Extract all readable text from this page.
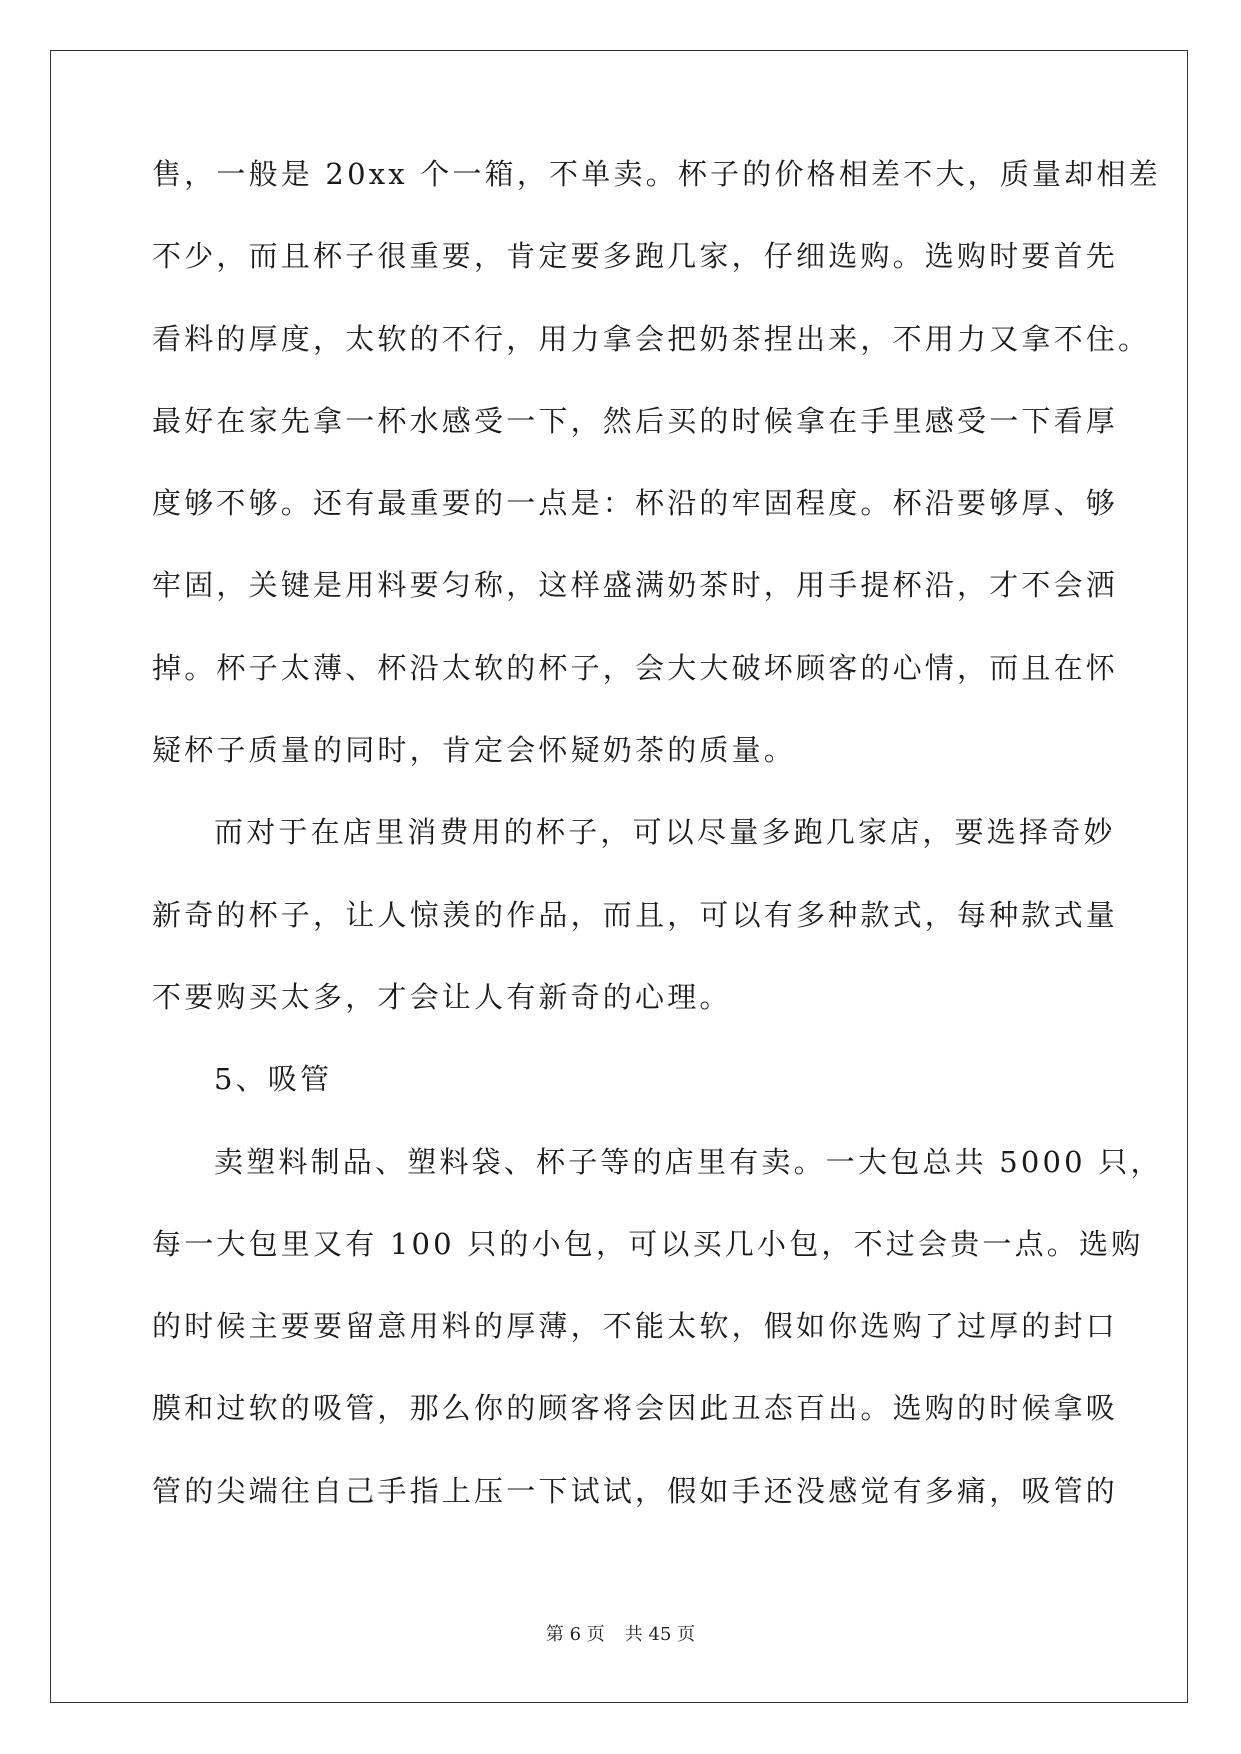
售，一般是 20xx 个一箱，不单卖。杯子的价格相差不大，质量却相差
不少，而且杯子很重要，肯定要多跑几家，仔细选购。选购时要首先
看料的厚度，太软的不行，用力拿会把奶茶捏出来，不用力又拿不住。
最好在家先拿一杯水感受一下，然后买的时候拿在手里感受一下看厚
度够不够。还有最重要的一点是：杯沿的牢固程度。杯沿要够厚、够
牢固，关键是用料要匀称，这样盛满奶茶时，用手提杯沿，才不会洒
掉。杯子太薄、杯沿太软的杯子，会大大破坏顾客的心情，而且在怀
疑杯子质量的同时，肯定会怀疑奶茶的质量。
而对于在店里消费用的杯子，可以尽量多跑几家店，要选择奇妙
新奇的杯子，让人惊羡的作品，而且，可以有多种款式，每种款式量
不要购买太多，才会让人有新奇的心理。
5、吸管
卖塑料制品、塑料袋、杯子等的店里有卖。一大包总共 5000 只，
每一大包里又有 100 只的小包，可以买几小包，不过会贵一点。选购
的时候主要要留意用料的厚薄，不能太软，假如你选购了过厚的封口
膜和过软的吸管，那么你的顾客将会因此丑态百出。选购的时候拿吸
管的尖端往自己手指上压一下试试，假如手还没感觉有多痛，吸管的
第 6 页 共 45 页
